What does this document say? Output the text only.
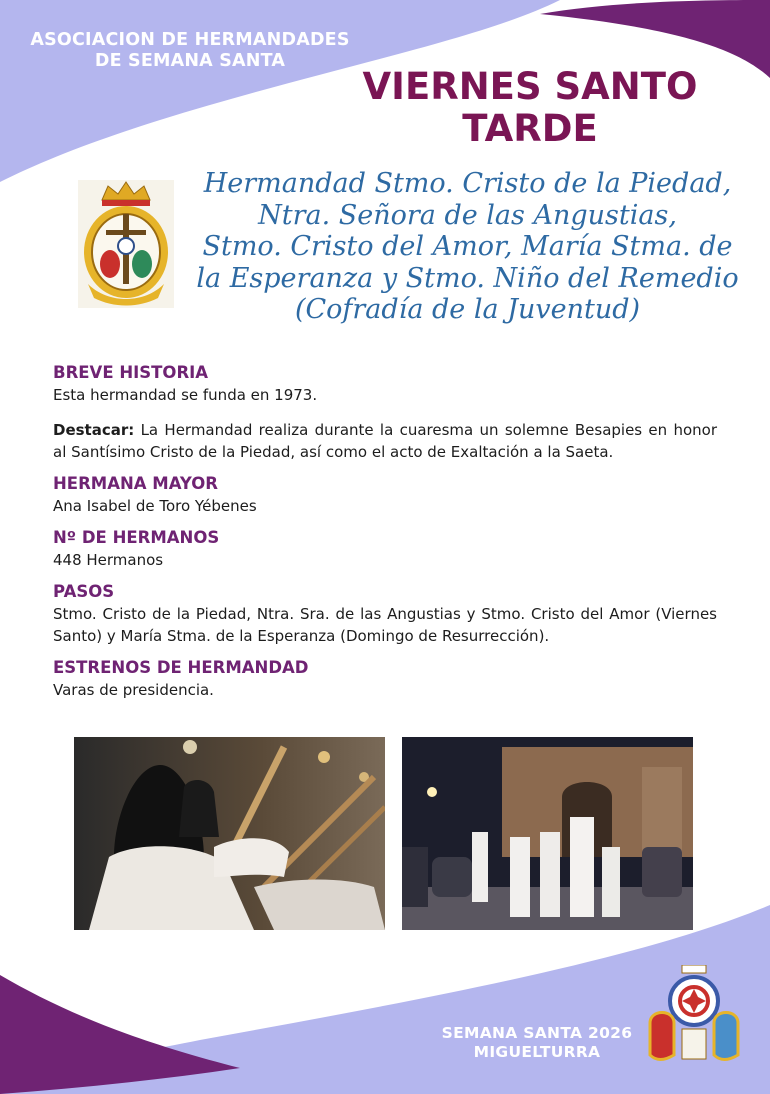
ASOCIACION DE HERMANDADES
DE SEMANA SANTA
VIERNES SANTO
TARDE
Hermandad Stmo. Cristo de la Piedad,
Ntra. Señora de las Angustias,
Stmo. Cristo del Amor, María Stma. de
la Esperanza y Stmo. Niño del Remedio
(Cofradía de la Juventud)

BREVE HISTORIA

Esta hermandad se funda en 1973.

Destacar: La Hermandad realiza durante la cuaresma un solemne Besapies en honor al Santísimo Cristo de la Piedad, así como el acto de Exaltación a la Saeta.

HERMANA MAYOR

Ana Isabel de Toro Yébenes

Nº DE HERMANOS

448 Hermanos

PASOS

Stmo. Cristo de la Piedad, Ntra. Sra. de las Angustias y Stmo. Cristo del Amor (Viernes Santo) y María Stma. de la Esperanza (Domingo de Resurrección).

ESTRENOS DE HERMANDAD

Varas de presidencia.

SEMANA SANTA 2026
MIGUELTURRA
